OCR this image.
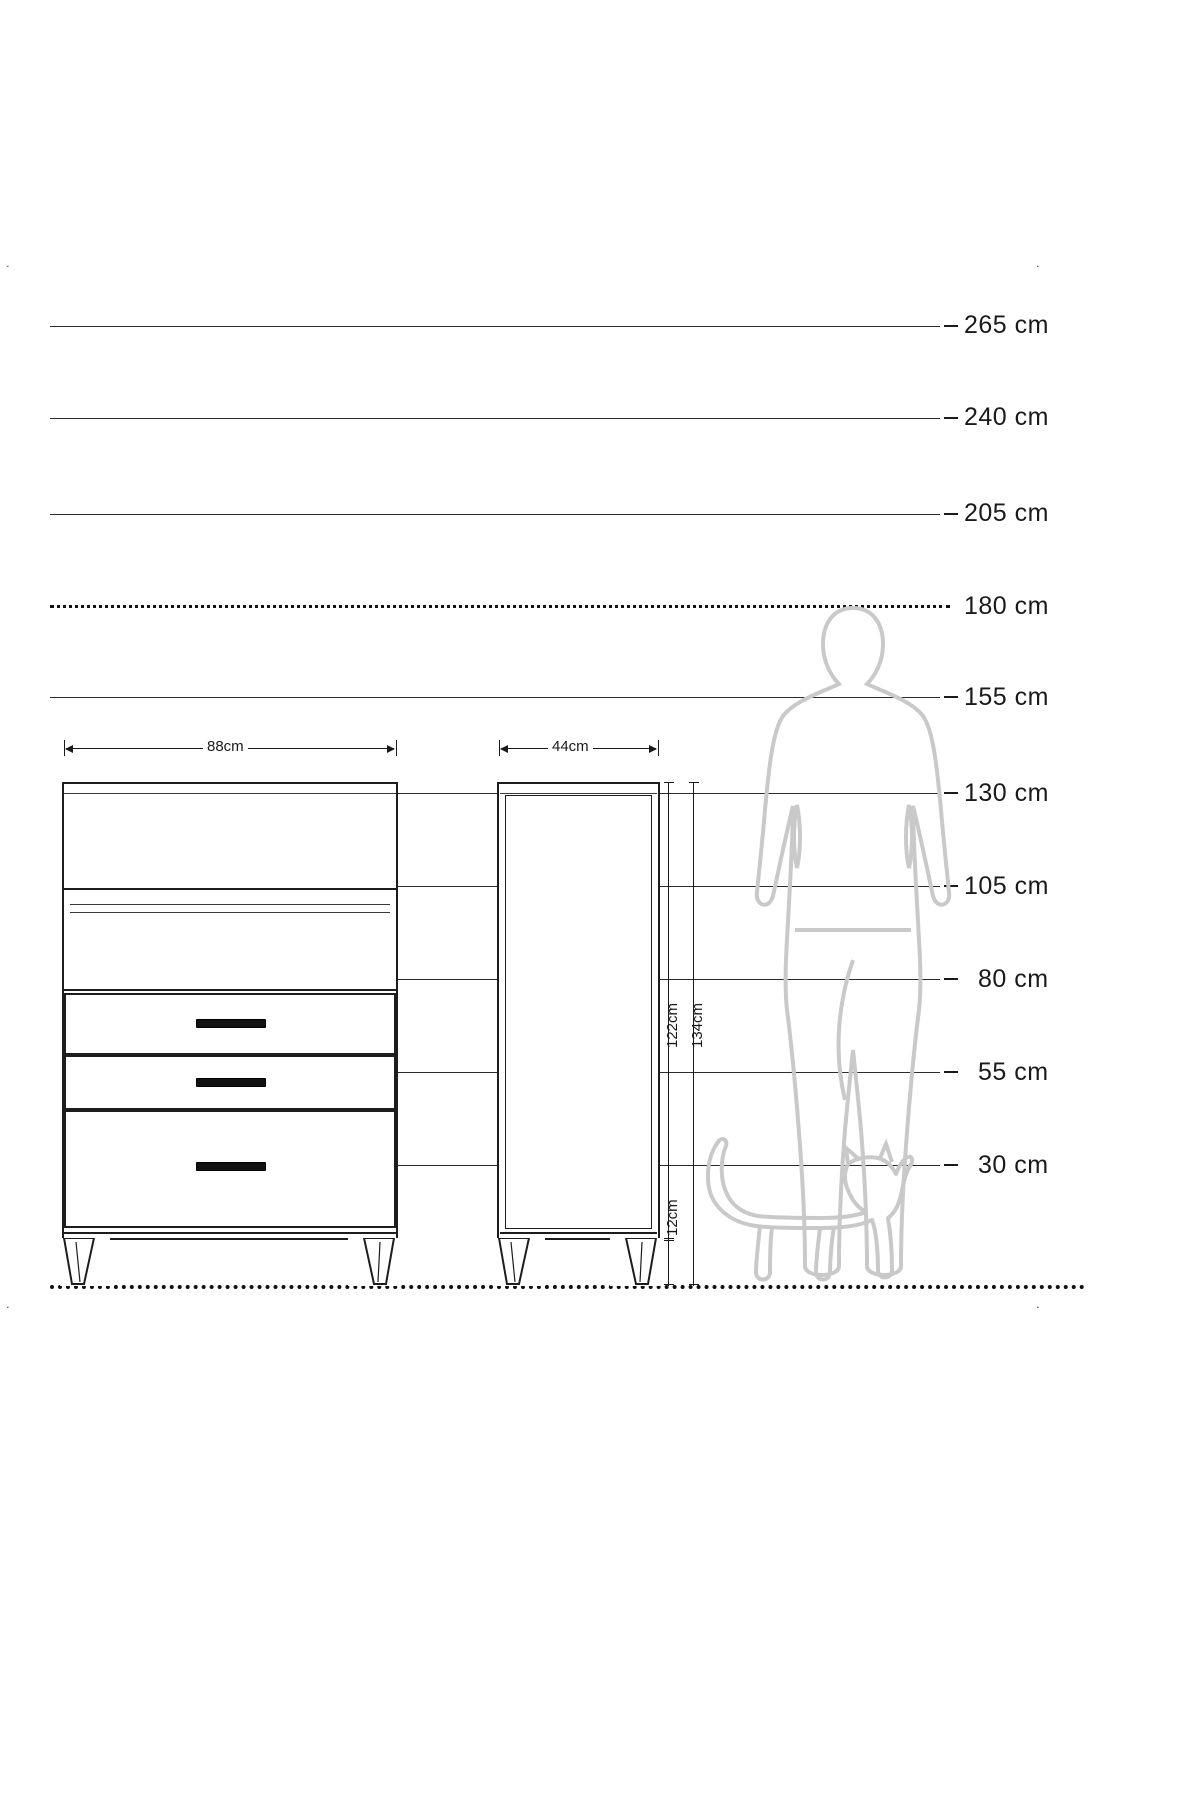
.	.
.	.
265 cm
240 cm
205 cm
180 cm
155 cm
130 cm
105 cm
80 cm
55 cm
30 cm
88cm	44cm
122cm 134cm
12cm
